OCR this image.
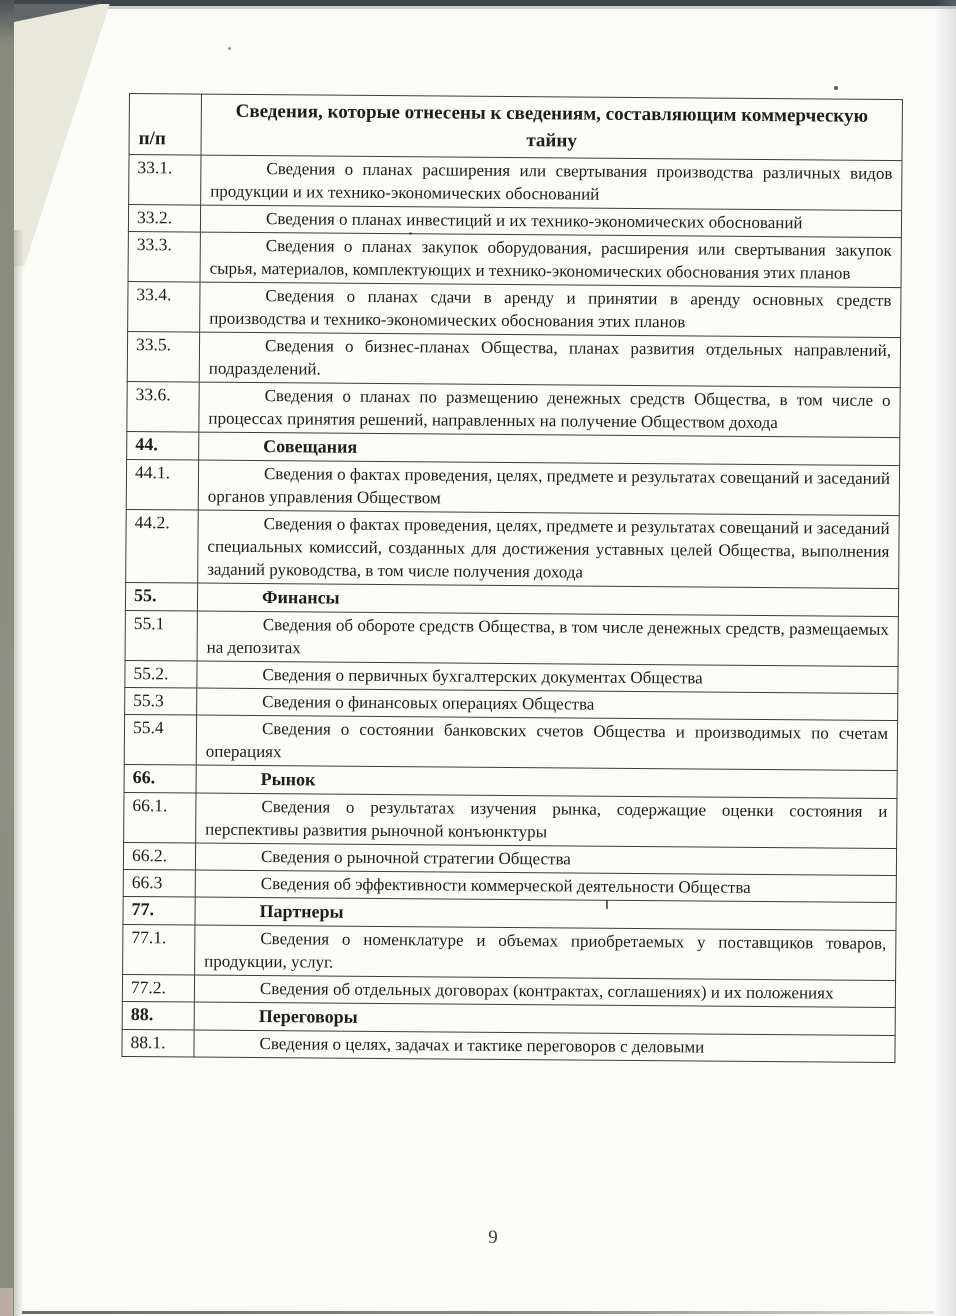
п/п	Сведения, которые отнесены к сведениям, составляющим коммерческую тайну
33.1.	Сведения о планах расширения или свертывания производства различных видов продукции и их технико-экономических обоснований
33.2.	Сведения о планах инвестиций и их технико-экономических обоснований
33.3.	Сведения о планах закупок оборудования, расширения или свертывания закупок сырья, материалов, комплектующих и технико-экономических обоснования этих планов
33.4.	Сведения о планах сдачи в аренду и принятии в аренду основных средств производства и технико-экономических обоснования этих планов
33.5.	Сведения о бизнес-планах Общества, планах развития отдельных направлений, подразделений.
33.6.	Сведения о планах по размещению денежных средств Общества, в том числе о процессах принятия решений, направленных на получение Обществом дохода
44.	Совещания
44.1.	Сведения о фактах проведения, целях, предмете и результатах совещаний и заседаний органов управления Обществом
44.2.	Сведения о фактах проведения, целях, предмете и результатах совещаний и заседаний специальных комиссий, созданных для достижения уставных целей Общества, выполнения заданий руководства, в том числе получения дохода
55.	Финансы
55.1	Сведения об обороте средств Общества, в том числе денежных средств, размещаемых на депозитах
55.2.	Сведения о первичных бухгалтерских документах Общества
55.3	Сведения о финансовых операциях Общества
55.4	Сведения о состоянии банковских счетов Общества и производимых по счетам операциях
66.	Рынок
66.1.	Сведения о результатах изучения рынка, содержащие оценки состояния и перспективы развития рыночной конъюнктуры
66.2.	Сведения о рыночной стратегии Общества
66.3	Сведения об эффективности коммерческой деятельности Общества
77.	Партнеры
77.1.	Сведения о номенклатуре и объемах приобретаемых у поставщиков товаров, продукции, услуг.
77.2.	Сведения об отдельных договорах (контрактах, соглашениях) и их положениях
88.	Переговоры
88.1.	Сведения о целях, задачах и тактике переговоров с деловыми
9
